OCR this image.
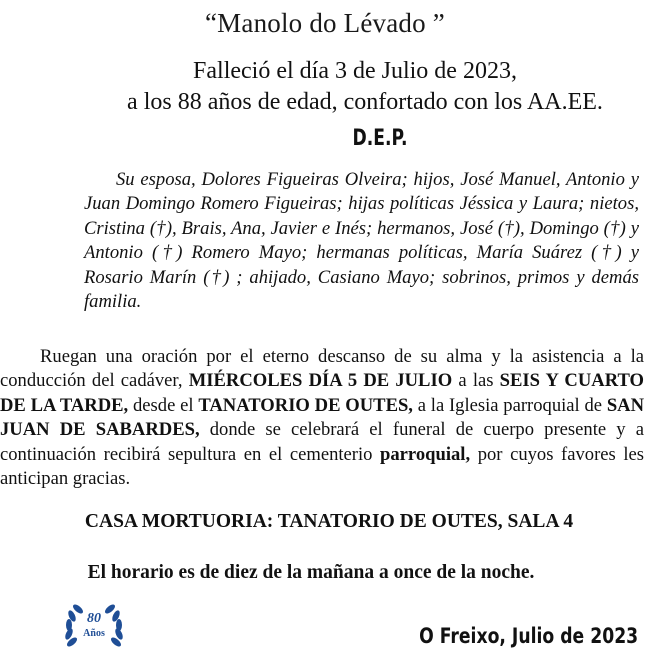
“Manolo do Lévado ”
Falleció el día 3 de Julio de 2023,
a los 88 años de edad, confortado con los AA.EE.
D.E.P.
Su esposa, Dolores Figueiras Olveira; hijos, José Manuel, Antonio y Juan Domingo Romero Figueiras; hijas políticas Jéssica y Laura; nietos, Cristina (†), Brais, Ana, Javier e Inés; hermanos, José (†), Domingo (†) y Antonio (†) Romero Mayo; hermanas políticas, María Suárez (†) y Rosario Marín (†) ; ahijado, Casiano Mayo; sobrinos, primos y demás familia.
Ruegan una oración por el eterno descanso de su alma y la asistencia a la conducción del cadáver, MIÉRCOLES DÍA 5 DE JULIO a las SEIS Y CUARTO DE LA TARDE, desde el TANATORIO DE OUTES, a la Iglesia parroquial de SAN JUAN DE SABARDES, donde se celebrará el funeral de cuerpo presente y a continuación recibirá sepultura en el cementerio parroquial, por cuyos favores les anticipan gracias.
CASA MORTUORIA: TANATORIO DE OUTES, SALA 4
El horario es de diez de la mañana a once de la noche.
80
Años	O Freixo, Julio de 2023
